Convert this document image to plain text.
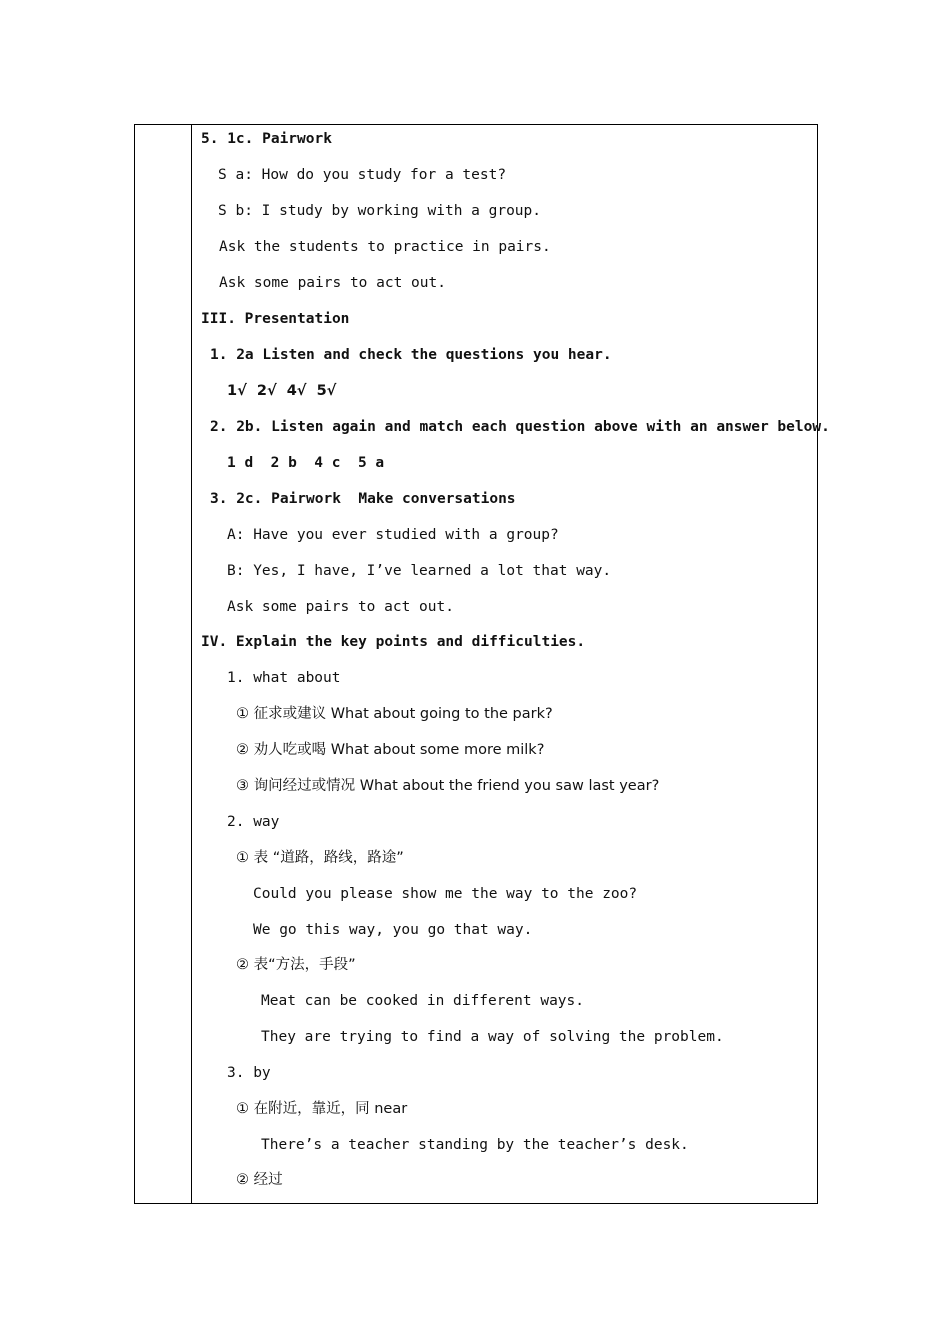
5. 1c. Pairwork
S a: How do you study for a test?
S b: I study by working with a group.
Ask the students to practice in pairs.
Ask some pairs to act out.
III. Presentation
1. 2a Listen and check the questions you hear.
1√  2√  4√  5√
2. 2b. Listen again and match each question above with an answer below.
1 d  2 b  4 c  5 a
3. 2c. Pairwork  Make conversations
A: Have you ever studied with a group?
B: Yes, I have, I’ve learned a lot that way.
Ask some pairs to act out.
IV. Explain the key points and difficulties.
1. what about
① 征求或建议 What about going to the park?
② 劝人吃或喝 What about some more milk?
③ 询问经过或情况 What about the friend you saw last year?
2. way
① 表 “道路，路线，路途”
Could you please show me the way to the zoo?
We go this way, you go that way.
② 表“方法，手段”
Meat can be cooked in different ways.
They are trying to find a way of solving the problem.
3. by
① 在附近，靠近，同 near
There’s a teacher standing by the teacher’s desk.
② 经过
